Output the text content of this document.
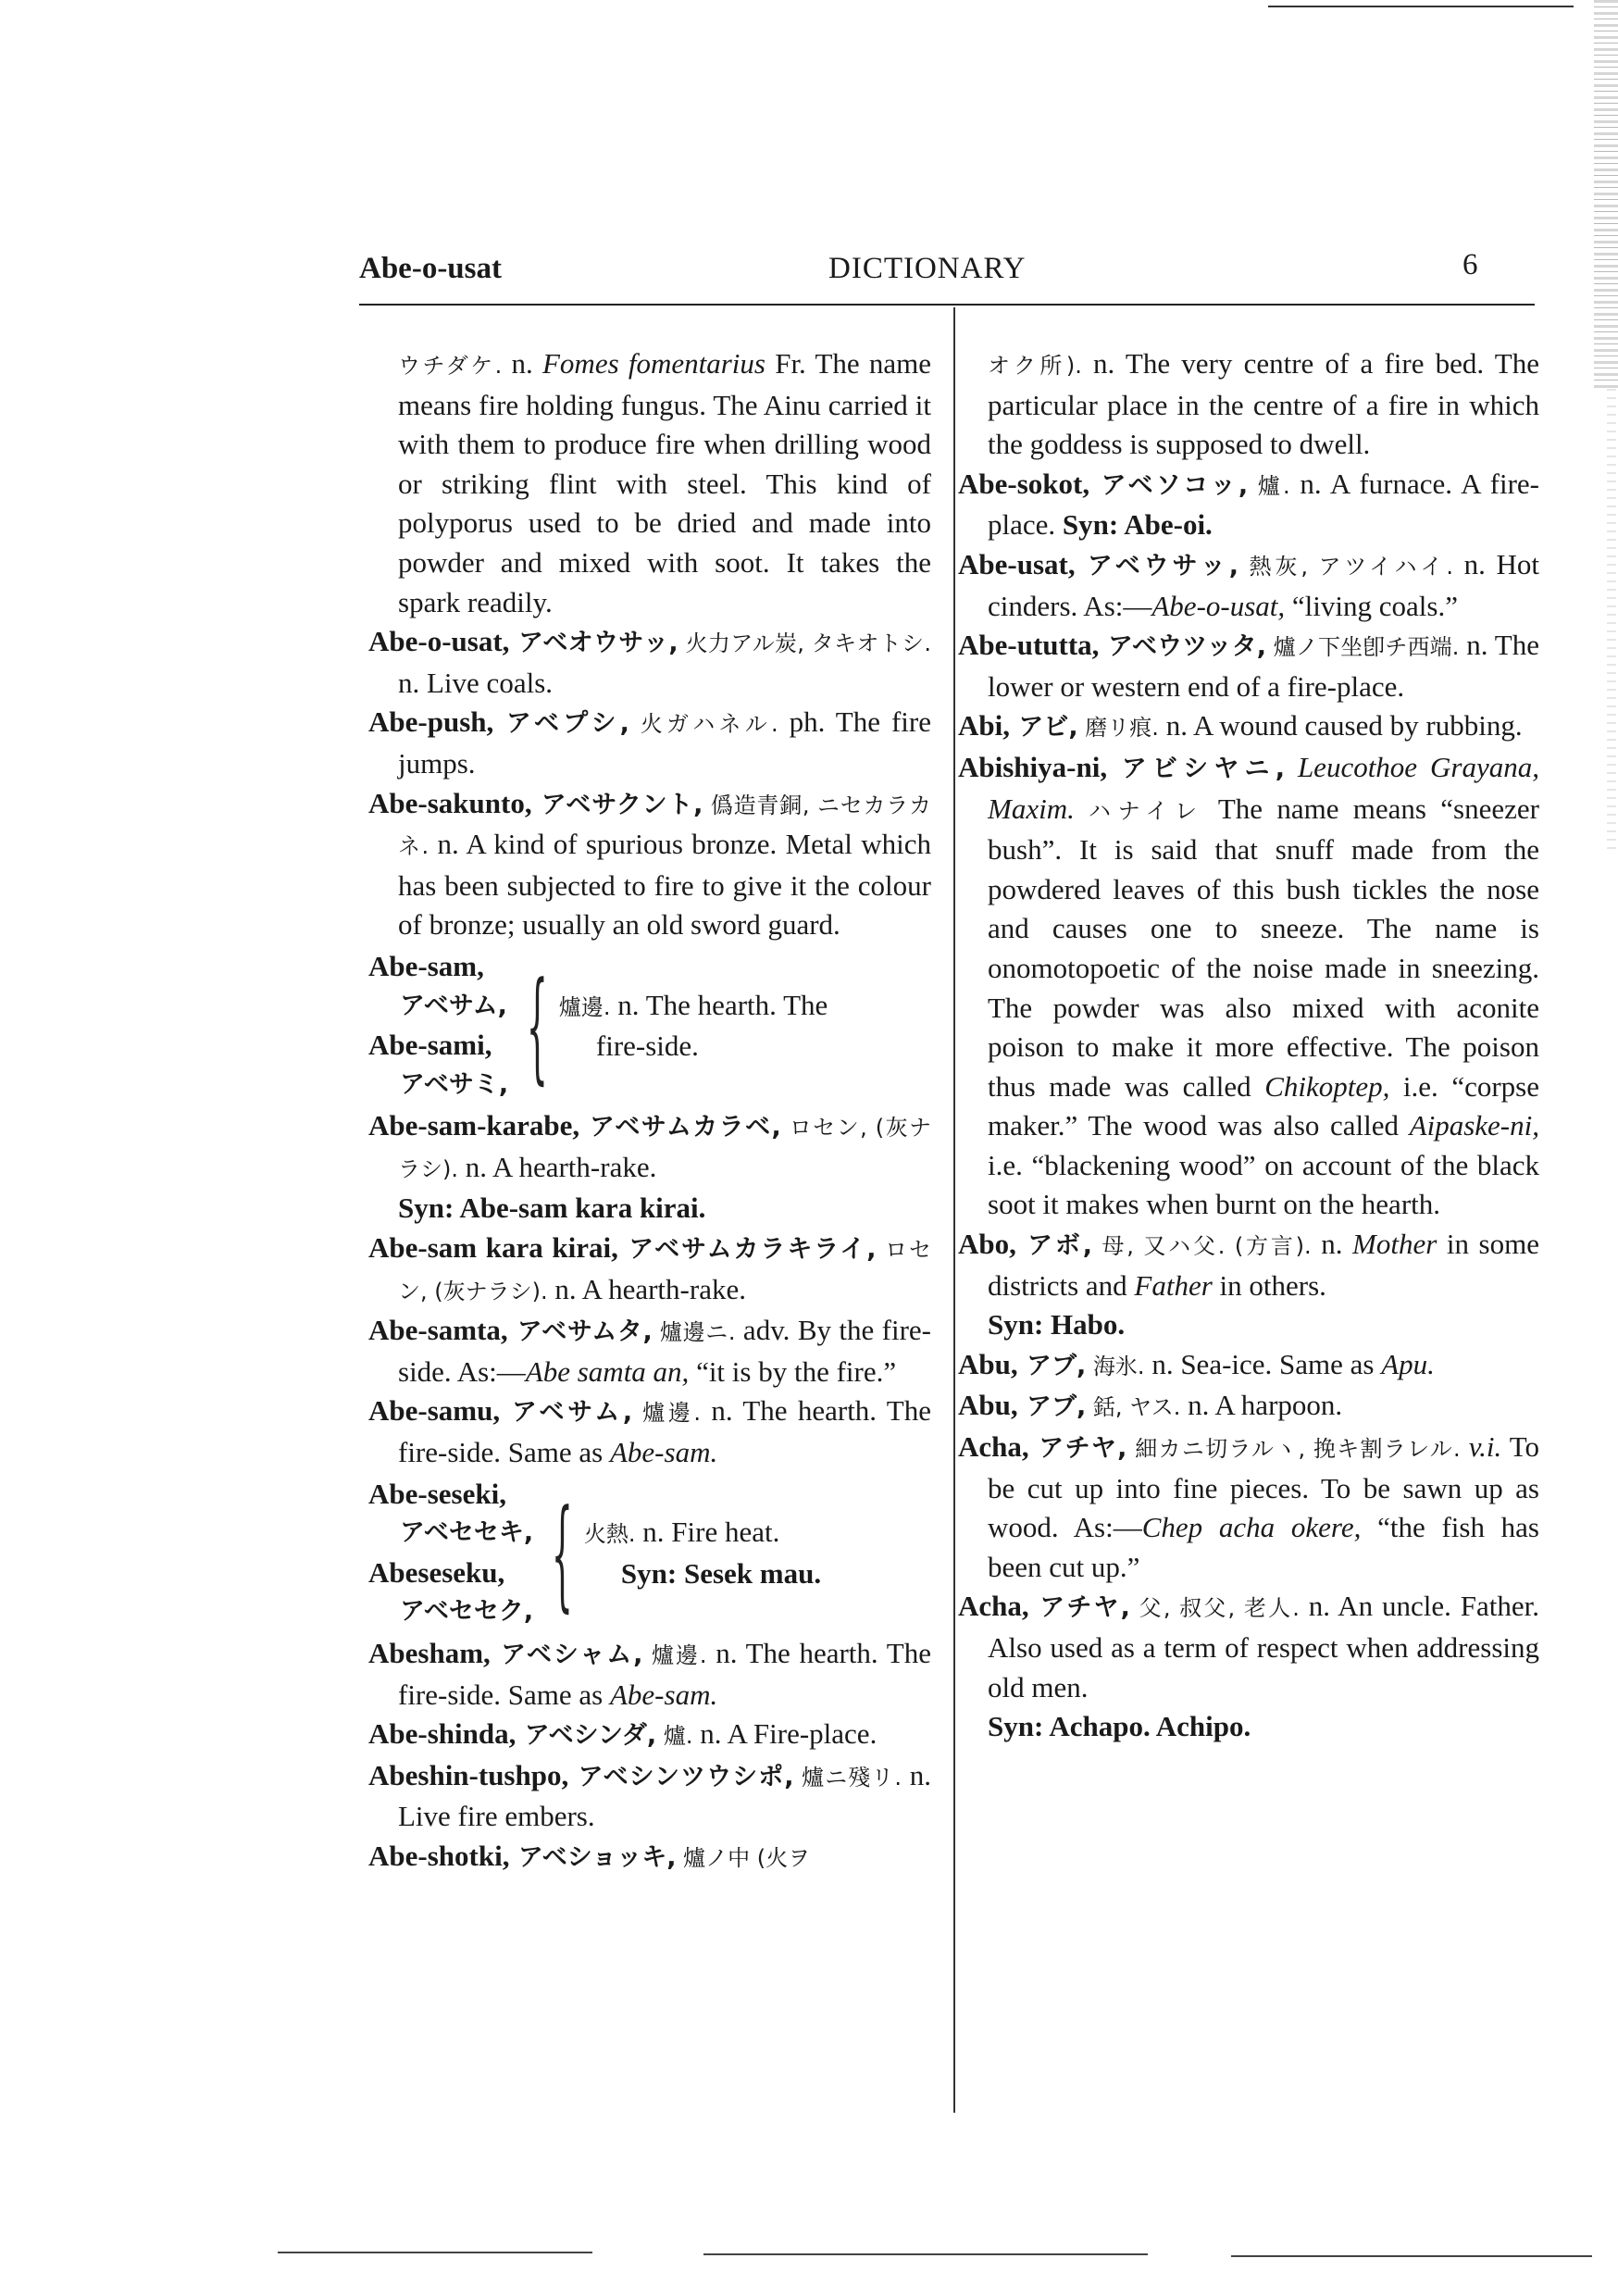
Abe-o-usat	DICTIONARY	6

ウチダケ. n. Fomes fomentarius Fr. The name means fire holding fungus. The Ainu carried it with them to produce fire when drilling wood or striking flint with steel. This kind of polyporus used to be dried and made into powder and mixed with soot. It takes the spark readily.

Abe-o-usat, アベオウサッ, 火力アル炭, タキオトシ. n. Live coals.

Abe-push, アベプシ, 火ガハネル. ph. The fire jumps.

Abe-sakunto, アベサクント, 僞造青銅, ニセカラカネ. n. A kind of spurious bronze. Metal which has been subjected to fire to give it the colour of bronze; usually an old sword guard.

Abe-sam,
アベサム,
Abe-sami,
アベサミ, { 爐邊. n. The hearth. The
fire-side.

Abe-sam-karabe, アベサムカラベ, ロセン, (灰ナラシ). n. A hearth-rake.

Syn: Abe-sam kara kirai.

Abe-sam kara kirai, アベサムカラキライ, ロセン, (灰ナラシ). n. A hearth-rake.

Abe-samta, アベサムタ, 爐邊ニ. adv. By the fire-side. As:—Abe samta an, “it is by the fire.”

Abe-samu, アベサム, 爐邊. n. The hearth. The fire-side. Same as Abe-sam.

Abe-seseki,
アベセセキ,
Abeseseku,
アベセセク, { 火熱. n. Fire heat.
Syn: Sesek mau.

Abesham, アベシャム, 爐邊. n. The hearth. The fire-side. Same as Abe-sam.

Abe-shinda, アベシンダ, 爐. n. A Fire-place.

Abeshin-tushpo, アベシンツウシポ, 爐ニ殘リ. n. Live fire embers.

Abe-shotki, アベショッキ, 爐ノ中 (火ヲ

オク所). n. The very centre of a fire bed. The particular place in the centre of a fire in which the goddess is supposed to dwell.

Abe-sokot, アベソコッ, 爐. n. A furnace. A fire-place. Syn: Abe-oi.

Abe-usat, アベウサッ, 熱灰, アツイハイ. n. Hot cinders. As:—Abe-o-usat, “living coals.”

Abe-ututta, アベウツッタ, 爐ノ下坐卽チ西端. n. The lower or western end of a fire-place.

Abi, アビ, 磨リ痕. n. A wound caused by rubbing.

Abishiya-ni, アビシヤニ, Leucothoe Grayana, Maxim. ハナイレ The name means “sneezer bush”. It is said that snuff made from the powdered leaves of this bush tickles the nose and causes one to sneeze. The name is onomotopoetic of the noise made in sneezing. The powder was also mixed with aconite poison to make it more effective. The poison thus made was called Chikoptep, i.e. “corpse maker.” The wood was also called Aipaske-ni, i.e. “blackening wood” on account of the black soot it makes when burnt on the hearth.

Abo, アボ, 母, 又ハ父. (方言). n. Mother in some districts and Father in others.

Syn: Habo.

Abu, アブ, 海氷. n. Sea-ice. Same as Apu.

Abu, アブ, 銛, ヤス. n. A harpoon.

Acha, アチヤ, 細カニ切ラルヽ, 挽キ割ラレル. v.i. To be cut up into fine pieces. To be sawn up as wood. As:—Chep acha okere, “the fish has been cut up.”

Acha, アチヤ, 父, 叔父, 老人. n. An uncle. Father. Also used as a term of respect when addressing old men.

Syn: Achapo. Achipo.
